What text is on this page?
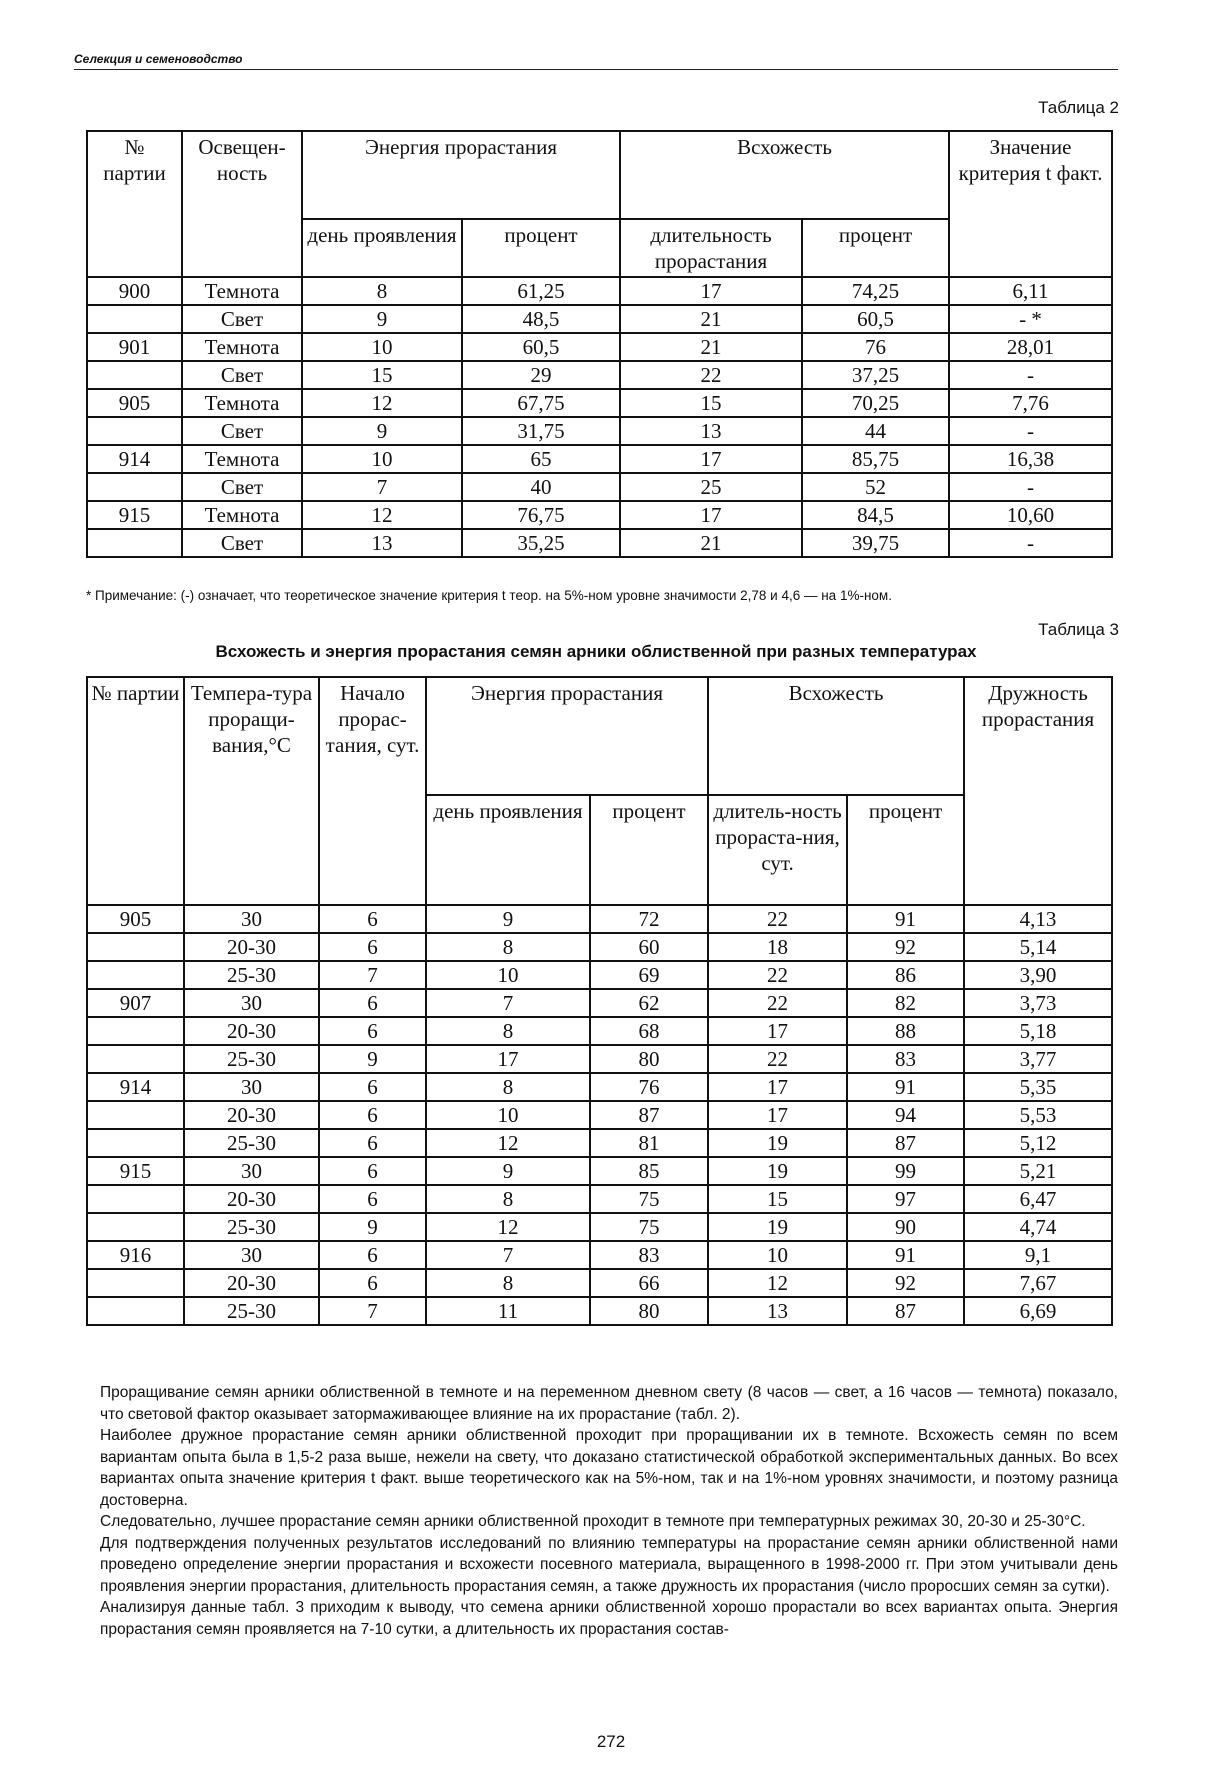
Селекция и семеноводство
Таблица 2
№ партии	Освещен-ность	Энергия прорастания		Всхожесть		Значение критерия t факт.
		день проявления	процент	длительность прорастания	процент	
900	Темнота	8	61,25	17	74,25	6,11
	Свет	9	48,5	21	60,5	- *
901	Темнота	10	60,5	21	76	28,01
	Свет	15	29	22	37,25	-
905	Темнота	12	67,75	15	70,25	7,76
	Свет	9	31,75	13	44	-
914	Темнота	10	65	17	85,75	16,38
	Свет	7	40	25	52	-
915	Темнота	12	76,75	17	84,5	10,60
	Свет	13	35,25	21	39,75	-
* Примечание: (-) означает, что теоретическое значение критерия t теор. на 5%-ном уровне значимости 2,78 и 4,6 — на 1%-ном.
Таблица 3
Всхожесть и энергия прорастания семян арники облиственной при разных температурах
№ партии	Темпера-тура проращи-вания,°С	Начало прорас-тания, сут.	Энергия прорастания		Всхожесть		Дружность прорастания
			день проявления	процент	длитель-ность прораста-ния, сут.	процент	
905	30	6	9	72	22	91	4,13
	20-30	6	8	60	18	92	5,14
	25-30	7	10	69	22	86	3,90
907	30	6	7	62	22	82	3,73
	20-30	6	8	68	17	88	5,18
	25-30	9	17	80	22	83	3,77
914	30	6	8	76	17	91	5,35
	20-30	6	10	87	17	94	5,53
	25-30	6	12	81	19	87	5,12
915	30	6	9	85	19	99	5,21
	20-30	6	8	75	15	97	6,47
	25-30	9	12	75	19	90	4,74
916	30	6	7	83	10	91	9,1
	20-30	6	8	66	12	92	7,67
	25-30	7	11	80	13	87	6,69

Проращивание семян арники облиственной в темноте и на переменном дневном свету (8 часов — свет, а 16 часов — темнота) показало, что световой фактор оказывает затормаживающее влияние на их прорастание (табл. 2).

Наиболее дружное прорастание семян арники облиственной проходит при проращивании их в темноте. Всхожесть семян по всем вариантам опыта была в 1,5-2 раза выше, нежели на свету, что доказано статистической обработкой экспериментальных данных. Во всех вариантах опыта значение критерия t факт. выше теоретического как на 5%-ном, так и на 1%-ном уровнях значимости, и поэтому разница достоверна.

Следовательно, лучшее прорастание семян арники облиственной проходит в темноте при температурных режимах 30, 20-30 и 25-30°С.

Для подтверждения полученных результатов исследований по влиянию температуры на прорастание семян арники облиственной нами проведено определение энергии прорастания и всхожести посевного материала, выращенного в 1998-2000 гг. При этом учитывали день проявления энергии прорастания, длительность прорастания семян, а также дружность их прорастания (число проросших семян за сутки).

Анализируя данные табл. 3 приходим к выводу, что семена арники облиственной хорошо прорастали во всех вариантах опыта. Энергия прорастания семян проявляется на 7-10 сутки, а длительность их прорастания состав-

272
